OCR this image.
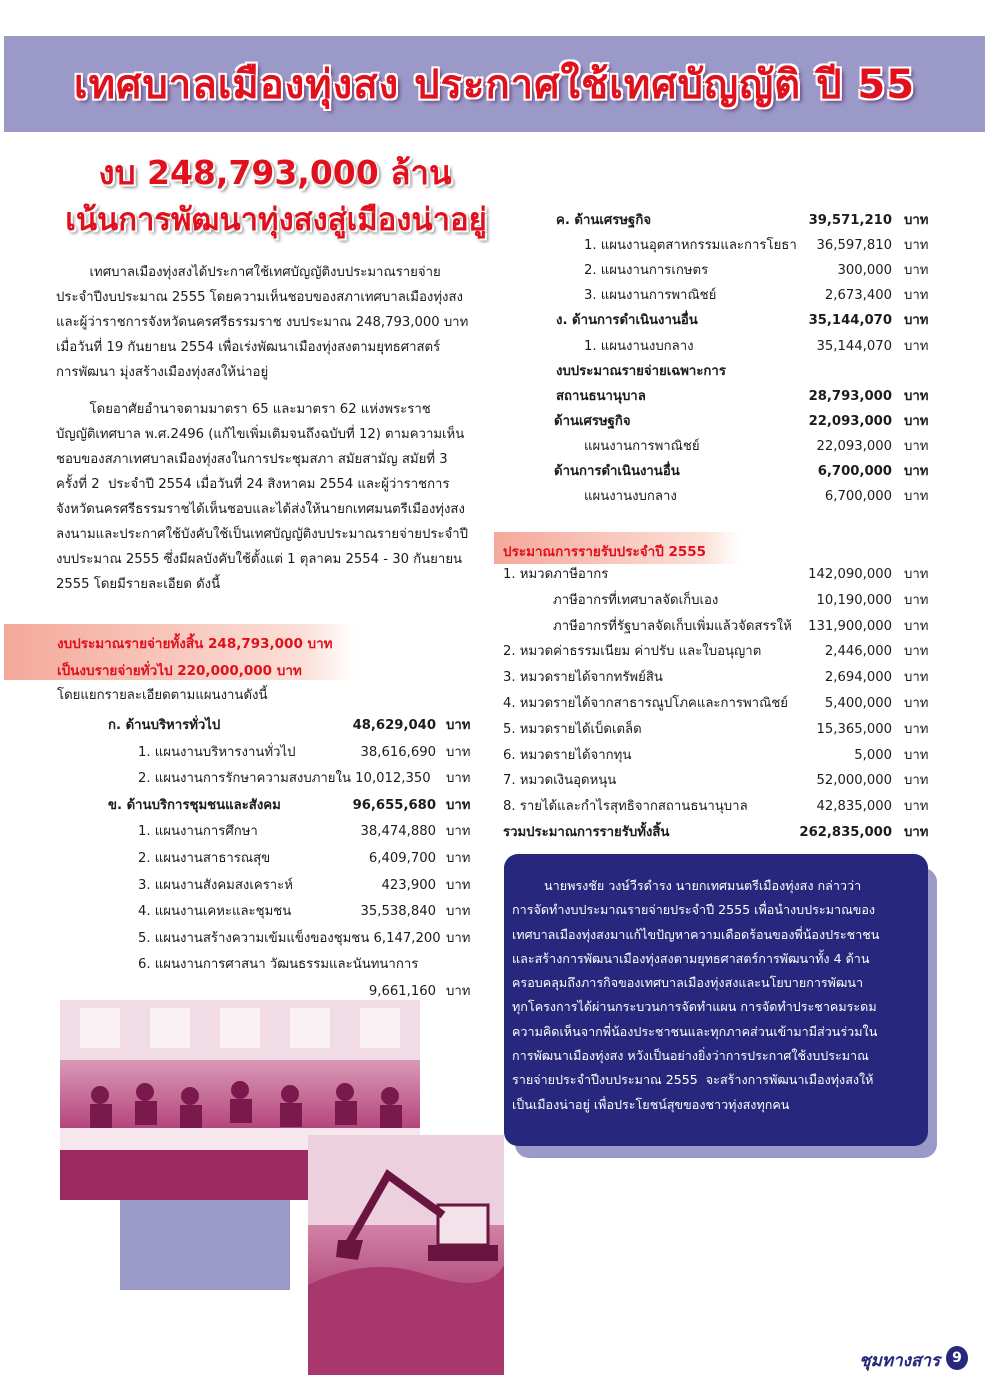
เทศบาลเมืองทุ่งสง ประกาศใช้เทศบัญญัติ ปี 55
งบ 248,793,000 ล้าน
เน้นการพัฒนาทุ่งสงสู่เมืองน่าอยู่
เทศบาลเมืองทุ่งสงได้ประกาศใช้เทศบัญญัติงบประมาณรายจ่าย
ประจำปีงบประมาณ 2555 โดยความเห็นชอบของสภาเทศบาลเมืองทุ่งสง
และผู้ว่าราชการจังหวัดนครศรีธรรมราช งบประมาณ 248,793,000 บาท
เมื่อวันที่ 19 กันยายน 2554 เพื่อเร่งพัฒนาเมืองทุ่งสงตามยุทธศาสตร์
การพัฒนา มุ่งสร้างเมืองทุ่งสงให้น่าอยู่
โดยอาศัยอำนาจตามมาตรา 65 และมาตรา 62 แห่งพระราช
บัญญัติเทศบาล พ.ศ.2496 (แก้ไขเพิ่มเติมจนถึงฉบับที่ 12) ตามความเห็น
ชอบของสภาเทศบาลเมืองทุ่งสงในการประชุมสภา สมัยสามัญ สมัยที่ 3
ครั้งที่ 2  ประจำปี 2554 เมื่อวันที่ 24 สิงหาคม 2554 และผู้ว่าราชการ
จังหวัดนครศรีธรรมราชได้เห็นชอบและได้ส่งให้นายกเทศมนตรีเมืองทุ่งสง
ลงนามและประกาศใช้บังคับใช้เป็นเทศบัญญัติงบประมาณรายจ่ายประจำปี
งบประมาณ 2555 ซึ่งมีผลบังคับใช้ตั้งแต่ 1 ตุลาคม 2554 - 30 กันยายน
2555 โดยมีรายละเอียด ดังนี้
งบประมาณรายจ่ายทั้งสิ้น 248,793,000 บาท
เป็นงบรายจ่ายทั่วไป 220,000,000 บาท
โดยแยกรายละเอียดตามแผนงานดังนี้
ก. ด้านบริหารทั่วไป	48,629,040 บาท
1. แผนงานบริหารงานทั่วไป	38,616,690 บาท
2. แผนงานการรักษาความสงบภายใน 10,012,350 บาท
ข. ด้านบริการชุมชนและสังคม	96,655,680 บาท
1. แผนงานการศึกษา	38,474,880 บาท
2. แผนงานสาธารณสุข	6,409,700 บาท
3. แผนงานสังคมสงเคราะห์	423,900 บาท
4. แผนงานเคหะและชุมชน	35,538,840 บาท
5. แผนงานสร้างความเข้มแข็งของชุมชน 6,147,200 บาท
6. แผนงานการศาสนา วัฒนธรรมและนันทนาการ
9,661,160 บาท
ค. ด้านเศรษฐกิจ	39,571,210 บาท
1. แผนงานอุตสาหกรรมและการโยธา	36,597,810 บาท
2. แผนงานการเกษตร	300,000 บาท
3. แผนงานการพาณิชย์	2,673,400 บาท
ง. ด้านการดำเนินงานอื่น	35,144,070 บาท
1. แผนงานงบกลาง	35,144,070 บาท
งบประมาณรายจ่ายเฉพาะการ
สถานธนานุบาล	28,793,000 บาท
ด้านเศรษฐกิจ	22,093,000 บาท
แผนงานการพาณิชย์	22,093,000 บาท
ด้านการดำเนินงานอื่น	6,700,000 บาท
แผนงานงบกลาง	6,700,000 บาท
ประมาณการรายรับประจำปี 2555
1. หมวดภาษีอากร	142,090,000 บาท
ภาษีอากรที่เทศบาลจัดเก็บเอง	10,190,000 บาท
ภาษีอากรที่รัฐบาลจัดเก็บเพิ่มแล้วจัดสรรให้	131,900,000 บาท
2. หมวดค่าธรรมเนียม ค่าปรับ และใบอนุญาต	2,446,000 บาท
3. หมวดรายได้จากทรัพย์สิน	2,694,000 บาท
4. หมวดรายได้จากสาธารณูปโภคและการพาณิชย์	5,400,000 บาท
5. หมวดรายได้เบ็ดเตล็ด	15,365,000 บาท
6. หมวดรายได้จากทุน	5,000 บาท
7. หมวดเงินอุดหนุน	52,000,000 บาท
8. รายได้และกำไรสุทธิจากสถานธนานุบาล	42,835,000 บาท
รวมประมาณการรายรับทั้งสิ้น	262,835,000 บาท
นายพรงชัย วงษ์วีรดำรง นายกเทศมนตรีเมืองทุ่งสง กล่าวว่า
การจัดทำงบประมาณรายจ่ายประจำปี 2555 เพื่อนำงบประมาณของ
เทศบาลเมืองทุ่งสงมาแก้ไขปัญหาความเดือดร้อนของพี่น้องประชาชน
และสร้างการพัฒนาเมืองทุ่งสงตามยุทธศาสตร์การพัฒนาทั้ง 4 ด้าน
ครอบคลุมถึงภารกิจของเทศบาลเมืองทุ่งสงและนโยบายการพัฒนา
ทุกโครงการได้ผ่านกระบวนการจัดทำแผน การจัดทำประชาคมระดม
ความคิดเห็นจากพี่น้องประชาชนและทุกภาคส่วนเข้ามามีส่วนร่วมใน
การพัฒนาเมืองทุ่งสง หวังเป็นอย่างยิ่งว่าการประกาศใช้งบประมาณ
รายจ่ายประจำปีงบประมาณ 2555  จะสร้างการพัฒนาเมืองทุ่งสงให้
เป็นเมืองน่าอยู่ เพื่อประโยชน์สุขของชาวทุ่งสงทุกคน
ชุมทางสาร 9
